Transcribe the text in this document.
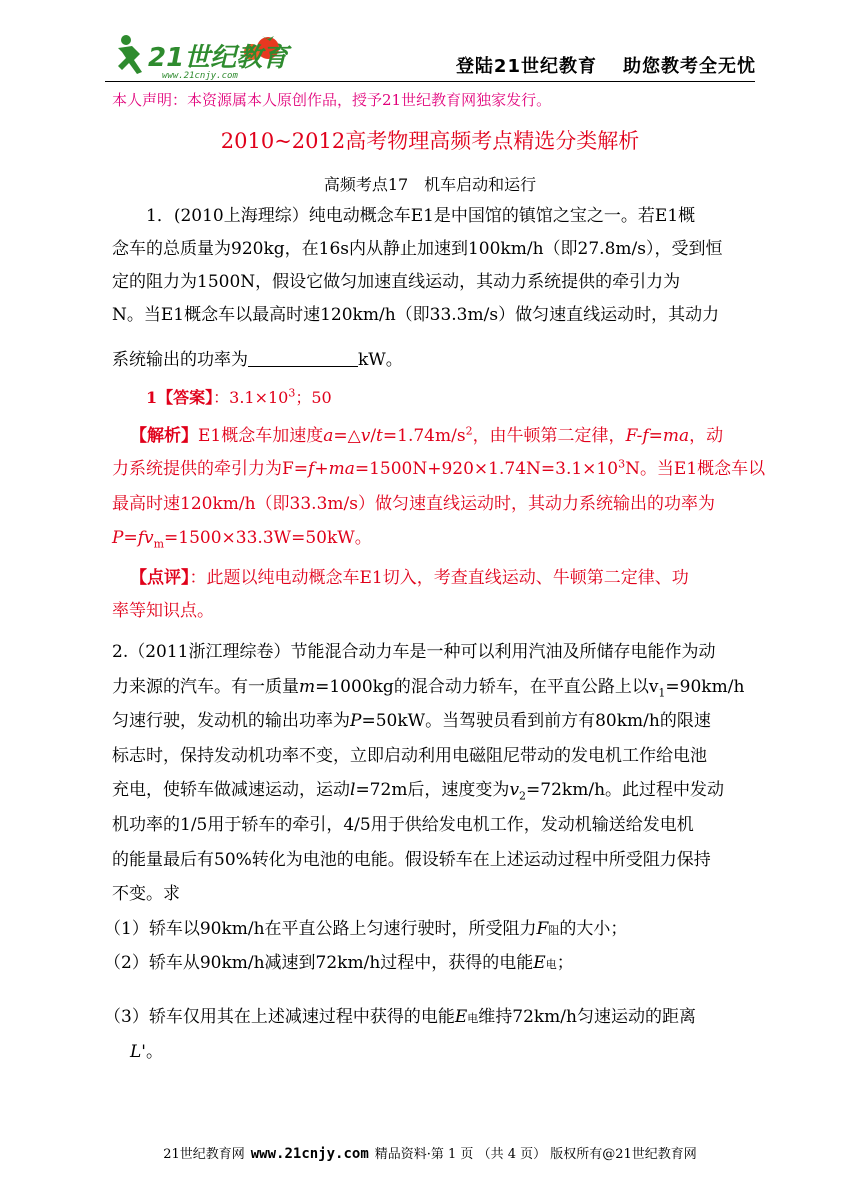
21世纪教育
www.21cnjy.com	登陆21世纪教育 助您教考全无忧
本人声明：本资源属本人原创作品，授予21世纪教育网独家发行。
2010~2012高考物理高频考点精选分类解析
高频考点17　机车启动和运行
1．(2010上海理综）纯电动概念车E1是中国馆的镇馆之宝之一。若E1概
念车的总质量为920kg，在16s内从静止加速到100km/h（即27.8m/s），受到恒
定的阻力为1500N，假设它做匀加速直线运动，其动力系统提供的牵引力为
N。当E1概念车以最高时速120km/h（即33.3m/s）做匀速直线运动时，其动力
系统输出的功率为	kW。
1【答案】：$3.1\times 10^3$；50
【解析】E1概念车加速度$a=\triangle v/t=1.74m/s^2$，由牛顿第二定律，F-f=ma，动
力系统提供的牵引力为$F=f+ma=1500N+920\times 1.74N=3.1\times 10^3N$。当E1概念车以
最高时速120km/h（即33.3m/s）做匀速直线运动时，其动力系统输出的功率为
$P=fv_m=1500\times 33.3W=50kW$。
【点评】：此题以纯电动概念车E1切入，考查直线运动、牛顿第二定律、功
率等知识点。
2.（2011浙江理综卷）节能混合动力车是一种可以利用汽油及所储存电能作为动
力来源的汽车。有一质量m=1000kg的混合动力轿车，在平直公路上以$v_1=90km/h$
匀速行驶，发动机的输出功率为P=50kW。当驾驶员看到前方有80km/h的限速
标志时，保持发动机功率不变，立即启动利用电磁阻尼带动的发电机工作给电池
充电，使轿车做减速运动，运动l=72m后，速度变为$v_2=72km/h$。此过程中发动
机功率的1/5用于轿车的牵引，4/5用于供给发电机工作，发动机输送给发电机
的能量最后有50%转化为电池的电能。假设轿车在上述运动过程中所受阻力保持
不变。求
（1）轿车以90km/h在平直公路上匀速行驶时，所受阻力F阻的大小；
（2）轿车从90km/h减速到72km/h过程中，获得的电能E电；
（3）轿车仅用其在上述减速过程中获得的电能E电维持72km/h匀速运动的距离
L'。
21世纪教育网 www.21cnjy.com 精品资料·第 1 页 （共 4 页） 版权所有@21世纪教育网
